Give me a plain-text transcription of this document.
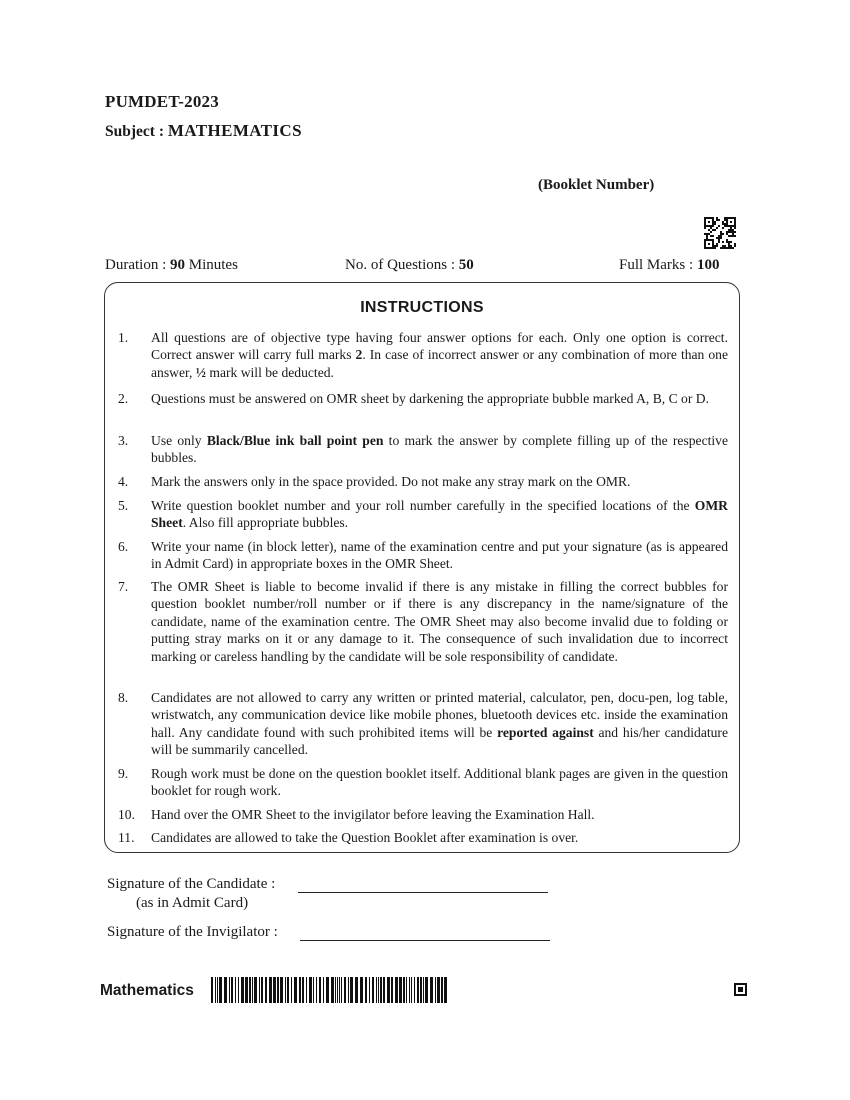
PUMDET-2023
Subject : MATHEMATICS
(Booklet Number)
Duration : 90 Minutes	No. of Questions : 50	Full Marks : 100
INSTRUCTIONS
1. All questions are of objective type having four answer options for each. Only one option is correct. Correct answer will carry full marks 2. In case of incorrect answer or any combination of more than one answer, ½ mark will be deducted.
2. Questions must be answered on OMR sheet by darkening the appropriate bubble marked A, B, C or D.
3. Use only Black/Blue ink ball point pen to mark the answer by complete filling up of the respective bubbles.
4. Mark the answers only in the space provided. Do not make any stray mark on the OMR.
5. Write question booklet number and your roll number carefully in the specified locations of the OMR Sheet. Also fill appropriate bubbles.
6. Write your name (in block letter), name of the examination centre and put your signature (as is appeared in Admit Card) in appropriate boxes in the OMR Sheet.
7. The OMR Sheet is liable to become invalid if there is any mistake in filling the correct bubbles for question booklet number/roll number or if there is any discrepancy in the name/signature of the candidate, name of the examination centre. The OMR Sheet may also become invalid due to folding or putting stray marks on it or any damage to it. The consequence of such invalidation due to incorrect marking or careless handling by the candidate will be sole responsibility of candidate.
8. Candidates are not allowed to carry any written or printed material, calculator, pen, docu-pen, log table, wristwatch, any communication device like mobile phones, bluetooth devices etc. inside the examination hall. Any candidate found with such prohibited items will be reported against and his/her candidature will be summarily cancelled.
9. Rough work must be done on the question booklet itself. Additional blank pages are given in the question booklet for rough work.
10. Hand over the OMR Sheet to the invigilator before leaving the Examination Hall.
11. Candidates are allowed to take the Question Booklet after examination is over.
Signature of the Candidate :
(as in Admit Card)
Signature of the Invigilator :
Mathematics
